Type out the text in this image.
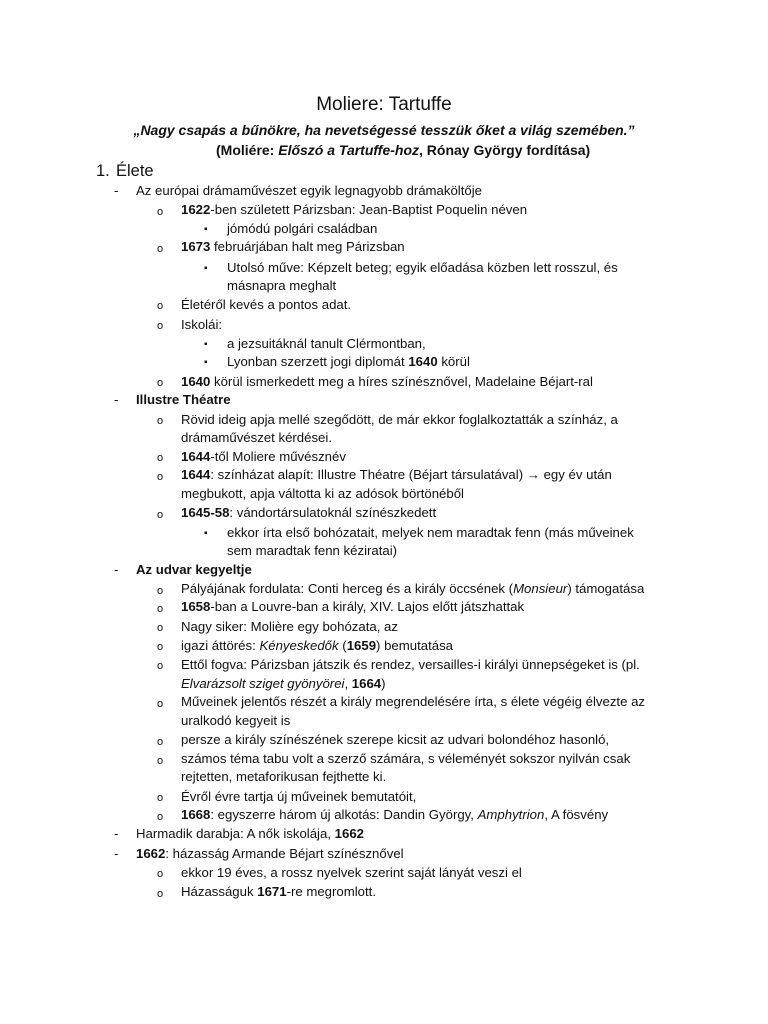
Moliere: Tartuffe
„Nagy csapás a bűnökre, ha nevetségessé tesszük őket a világ szemében.”
(Moliére: Előszó a Tartuffe-hoz, Rónay György fordítása)
1. Élete
- Az európai drámaművészet egyik legnagyobb drámaköltője
o 1622-ben született Párizsban: Jean-Baptist Poquelin néven
▪ jómódú polgári családban
o 1673 februárjában halt meg Párizsban
▪ Utolsó műve: Képzelt beteg; egyik előadása közben lett rosszul, és
másnapra meghalt
o Életéről kevés a pontos adat.
o Iskolái:
▪ a jezsuitáknál tanult Clérmontban,
▪ Lyonban szerzett jogi diplomát 1640 körül
o 1640 körül ismerkedett meg a híres színésznővel, Madelaine Béjart-ral
- Illustre Théatre
o Rövid ideig apja mellé szegődött, de már ekkor foglalkoztatták a színház, a
drámaművészet kérdései.
o 1644-től Moliere művésznév
o 1644: színházat alapít: Illustre Théatre (Béjart társulatával) → egy év után
megbukott, apja váltotta ki az adósok börtönéből
o 1645-58: vándortársulatoknál színészkedett
▪ ekkor írta első bohózatait, melyek nem maradtak fenn (más műveinek
sem maradtak fenn kéziratai)
- Az udvar kegyeltje
o Pályájának fordulata: Conti herceg és a király öccsének (Monsieur) támogatása
o 1658-ban a Louvre-ban a király, XIV. Lajos előtt játszhattak
o Nagy siker: Molière egy bohózata, az
o igazi áttörés: Kényeskedők (1659) bemutatása
o Ettől fogva: Párizsban játszik és rendez, versailles-i királyi ünnepségeket is (pl.
Elvarázsolt sziget gyönyörei, 1664)
o Műveinek jelentős részét a király megrendelésére írta, s élete végéig élvezte az
uralkodó kegyeit is
o persze a király színészének szerepe kicsit az udvari bolondéhoz hasonló,
o számos téma tabu volt a szerző számára, s véleményét sokszor nyilván csak
rejtetten, metaforikusan fejthette ki.
o Évről évre tartja új műveinek bemutatóit,
o 1668: egyszerre három új alkotás: Dandin György, Amphytrion, A fösvény
- Harmadik darabja: A nők iskolája, 1662
- 1662: házasság Armande Béjart színésznővel
o ekkor 19 éves, a rossz nyelvek szerint saját lányát veszi el
o Házasságuk 1671-re megromlott.
